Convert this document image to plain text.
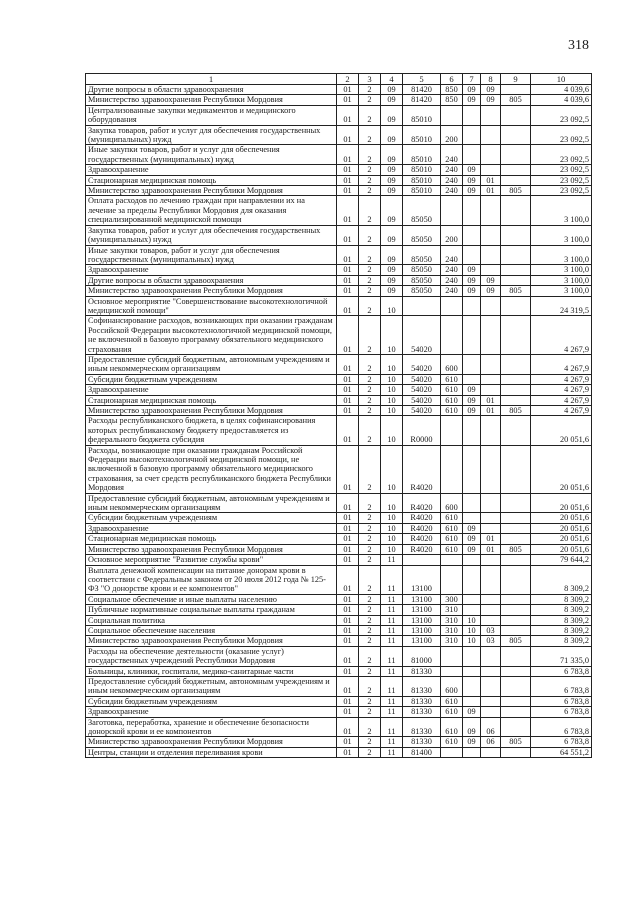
318
1	2	3	4	5	6	7	8	9	10
Другие вопросы в области здравоохранения	01	2	09	81420	850	09	09		4 039,6
Министерство здравоохранения Республики Мордовия	01	2	09	81420	850	09	09	805	4 039,6
Централизованные закупки медикаментов и медицинского оборудования	01	2	09	85010					23 092,5
Закупка товаров, работ и услуг для обеспечения государственных (муниципальных) нужд	01	2	09	85010	200				23 092,5
Иные закупки товаров, работ и услуг для обеспечения государственных (муниципальных) нужд	01	2	09	85010	240				23 092,5
Здравоохранение	01	2	09	85010	240	09			23 092,5
Стационарная медицинская помощь	01	2	09	85010	240	09	01		23 092,5
Министерство здравоохранения Республики Мордовия	01	2	09	85010	240	09	01	805	23 092,5
Оплата расходов по лечению граждан при направлении их на лечение за пределы Республики Мордовия для оказания специализированной медицинской помощи	01	2	09	85050					3 100,0
Закупка товаров, работ и услуг для обеспечения государственных (муниципальных) нужд	01	2	09	85050	200				3 100,0
Иные закупки товаров, работ и услуг для обеспечения государственных (муниципальных) нужд	01	2	09	85050	240				3 100,0
Здравоохранение	01	2	09	85050	240	09			3 100,0
Другие вопросы в области здравоохранения	01	2	09	85050	240	09	09		3 100,0
Министерство здравоохранения Республики Мордовия	01	2	09	85050	240	09	09	805	3 100,0
Основное мероприятие "Совершенствование высокотехнологичной медицинской помощи"	01	2	10						24 319,5
Софинансирование расходов, возникающих при оказании гражданам Российской Федерации высокотехнологичной медицинской помощи, не включенной в базовую программу обязательного медицинского страхования	01	2	10	54020					4 267,9
Предоставление субсидий бюджетным, автономным учреждениям и иным некоммерческим организациям	01	2	10	54020	600				4 267,9
Субсидии бюджетным учреждениям	01	2	10	54020	610				4 267,9
Здравоохранение	01	2	10	54020	610	09			4 267,9
Стационарная медицинская помощь	01	2	10	54020	610	09	01		4 267,9
Министерство здравоохранения Республики Мордовия	01	2	10	54020	610	09	01	805	4 267,9
Расходы республиканского бюджета, в целях софинансирования которых республиканскому бюджету предоставляется из федерального бюджета субсидия	01	2	10	R0000					20 051,6
Расходы, возникающие при оказании гражданам Российской Федерации высокотехнологичной медицинской помощи, не включенной в базовую программу обязательного медицинского страхования, за счет средств республиканского бюджета Республики Мордовия	01	2	10	R4020					20 051,6
Предоставление субсидий бюджетным, автономным учреждениям и иным некоммерческим организациям	01	2	10	R4020	600				20 051,6
Субсидии бюджетным учреждениям	01	2	10	R4020	610				20 051,6
Здравоохранение	01	2	10	R4020	610	09			20 051,6
Стационарная медицинская помощь	01	2	10	R4020	610	09	01		20 051,6
Министерство здравоохранения Республики Мордовия	01	2	10	R4020	610	09	01	805	20 051,6
Основное мероприятие "Развитие службы крови"	01	2	11						79 644,2
Выплата денежной компенсации на питание донорам крови в соответствии с Федеральным законом от 20 июля 2012 года № 125-ФЗ "О донорстве крови и ее компонентов"	01	2	11	13100					8 309,2
Социальное обеспечение и иные выплаты населению	01	2	11	13100	300				8 309,2
Публичные нормативные социальные выплаты гражданам	01	2	11	13100	310				8 309,2
Социальная политика	01	2	11	13100	310	10			8 309,2
Социальное обеспечение населения	01	2	11	13100	310	10	03		8 309,2
Министерство здравоохранения Республики Мордовия	01	2	11	13100	310	10	03	805	8 309,2
Расходы на обеспечение деятельности (оказание услуг) государственных учреждений Республики Мордовия	01	2	11	81000					71 335,0
Больницы, клиники, госпитали, медико-санитарные части	01	2	11	81330					6 783,8
Предоставление субсидий бюджетным, автономным учреждениям и иным некоммерческим организациям	01	2	11	81330	600				6 783,8
Субсидии бюджетным учреждениям	01	2	11	81330	610				6 783,8
Здравоохранение	01	2	11	81330	610	09			6 783,8
Заготовка, переработка, хранение и обеспечение безопасности донорской крови и ее компонентов	01	2	11	81330	610	09	06		6 783,8
Министерство здравоохранения Республики Мордовия	01	2	11	81330	610	09	06	805	6 783,8
Центры, станции и отделения переливания крови	01	2	11	81400					64 551,2
